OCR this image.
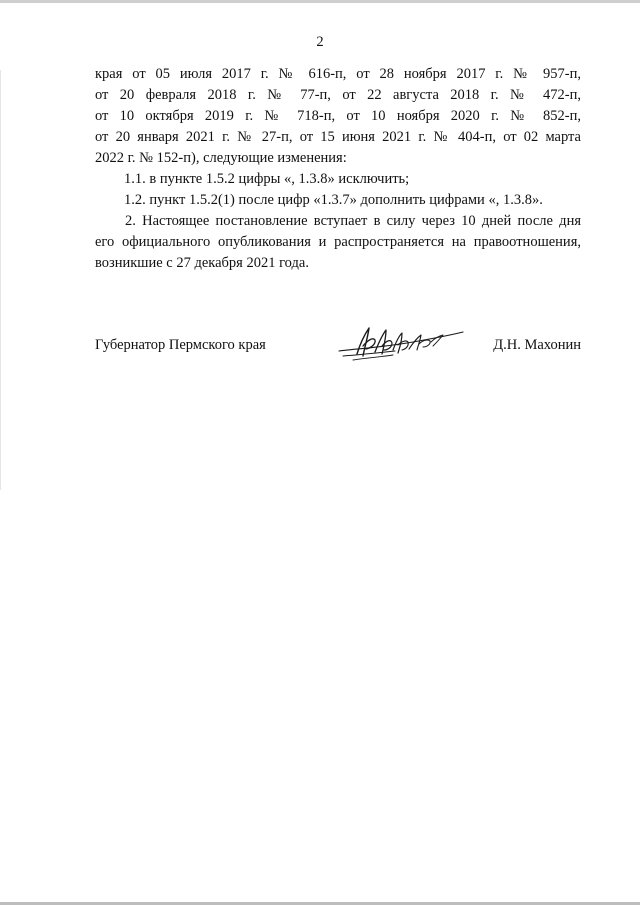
2
края от 05 июля 2017 г. № 616-п, от 28 ноября 2017 г. № 957-п,
от 20 февраля 2018 г. № 77-п, от 22 августа 2018 г. № 472-п,
от 10 октября 2019 г. № 718-п, от 10 ноября 2020 г. № 852-п,
от 20 января 2021 г. № 27-п, от 15 июня 2021 г. № 404-п, от 02 марта
2022 г. № 152-п), следующие изменения:
1.1. в пункте 1.5.2 цифры «, 1.3.8» исключить;
1.2. пункт 1.5.2(1) после цифр «1.3.7» дополнить цифрами «, 1.3.8».
2. Настоящее постановление вступает в силу через 10 дней после дня
его официального опубликования и распространяется на правоотношения,
возникшие с 27 декабря 2021 года.
Губернатор Пермского края	Д.Н. Махонин
